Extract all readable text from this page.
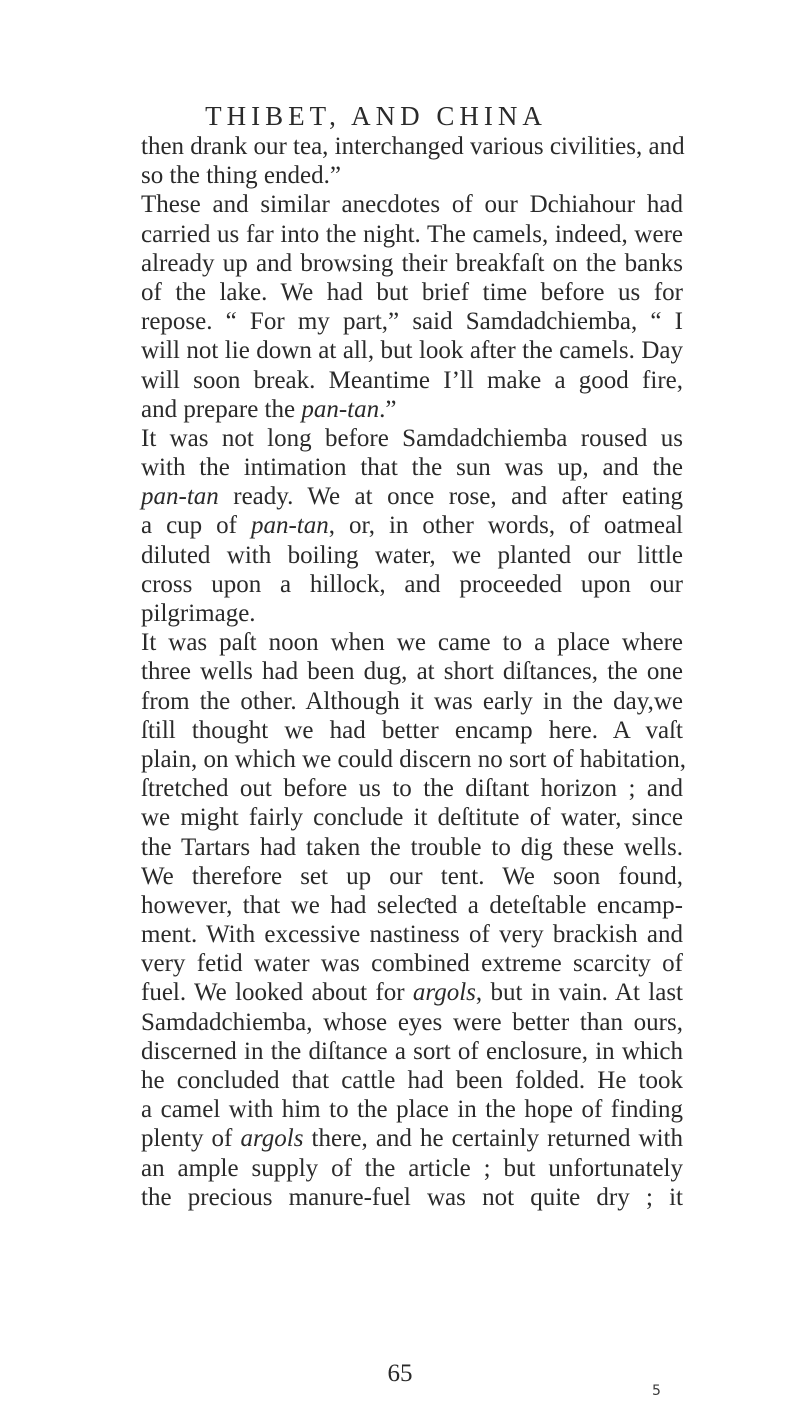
THIBET, AND CHINA
then drank our tea, interchanged various civilities, and
so the thing ended.”
These and similar anecdotes of our Dchiahour had
carried us far into the night. The camels, indeed, were
already up and browsing their breakfaſt on the banks
of the lake. We had but brief time before us for
repose. “ For my part,” said Samdadchiemba, “ I
will not lie down at all, but look after the camels. Day
will soon break. Meantime I’ll make a good fire,
and prepare the pan-tan.”
It was not long before Samdadchiemba roused us
with the intimation that the sun was up, and the
pan-tan ready. We at once rose, and after eating
a cup of pan-tan, or, in other words, of oatmeal
diluted with boiling water, we planted our little
cross upon a hillock, and proceeded upon our
pilgrimage.
It was paſt noon when we came to a place where
three wells had been dug, at short diſtances, the one
from the other. Although it was early in the day,we
ſtill thought we had better encamp here. A vaſt
plain, on which we could discern no sort of habitation,
ſtretched out before us to the diſtant horizon ; and
we might fairly conclude it deſtitute of water, since
the Tartars had taken the trouble to dig these wells.
We therefore set up our tent. We soon found,
however, that we had seleƈted a deteſtable encamp-
ment. With excessive nastiness of very brackish and
very fetid water was combined extreme scarcity of
fuel. We looked about for argols, but in vain. At last
Samdadchiemba, whose eyes were better than ours,
discerned in the diſtance a sort of enclosure, in which
he concluded that cattle had been folded. He took
a camel with him to the place in the hope of finding
plenty of argols there, and he certainly returned with
an ample supply of the article ; but unfortunately
the precious manure-fuel was not quite dry ; it
65
5
